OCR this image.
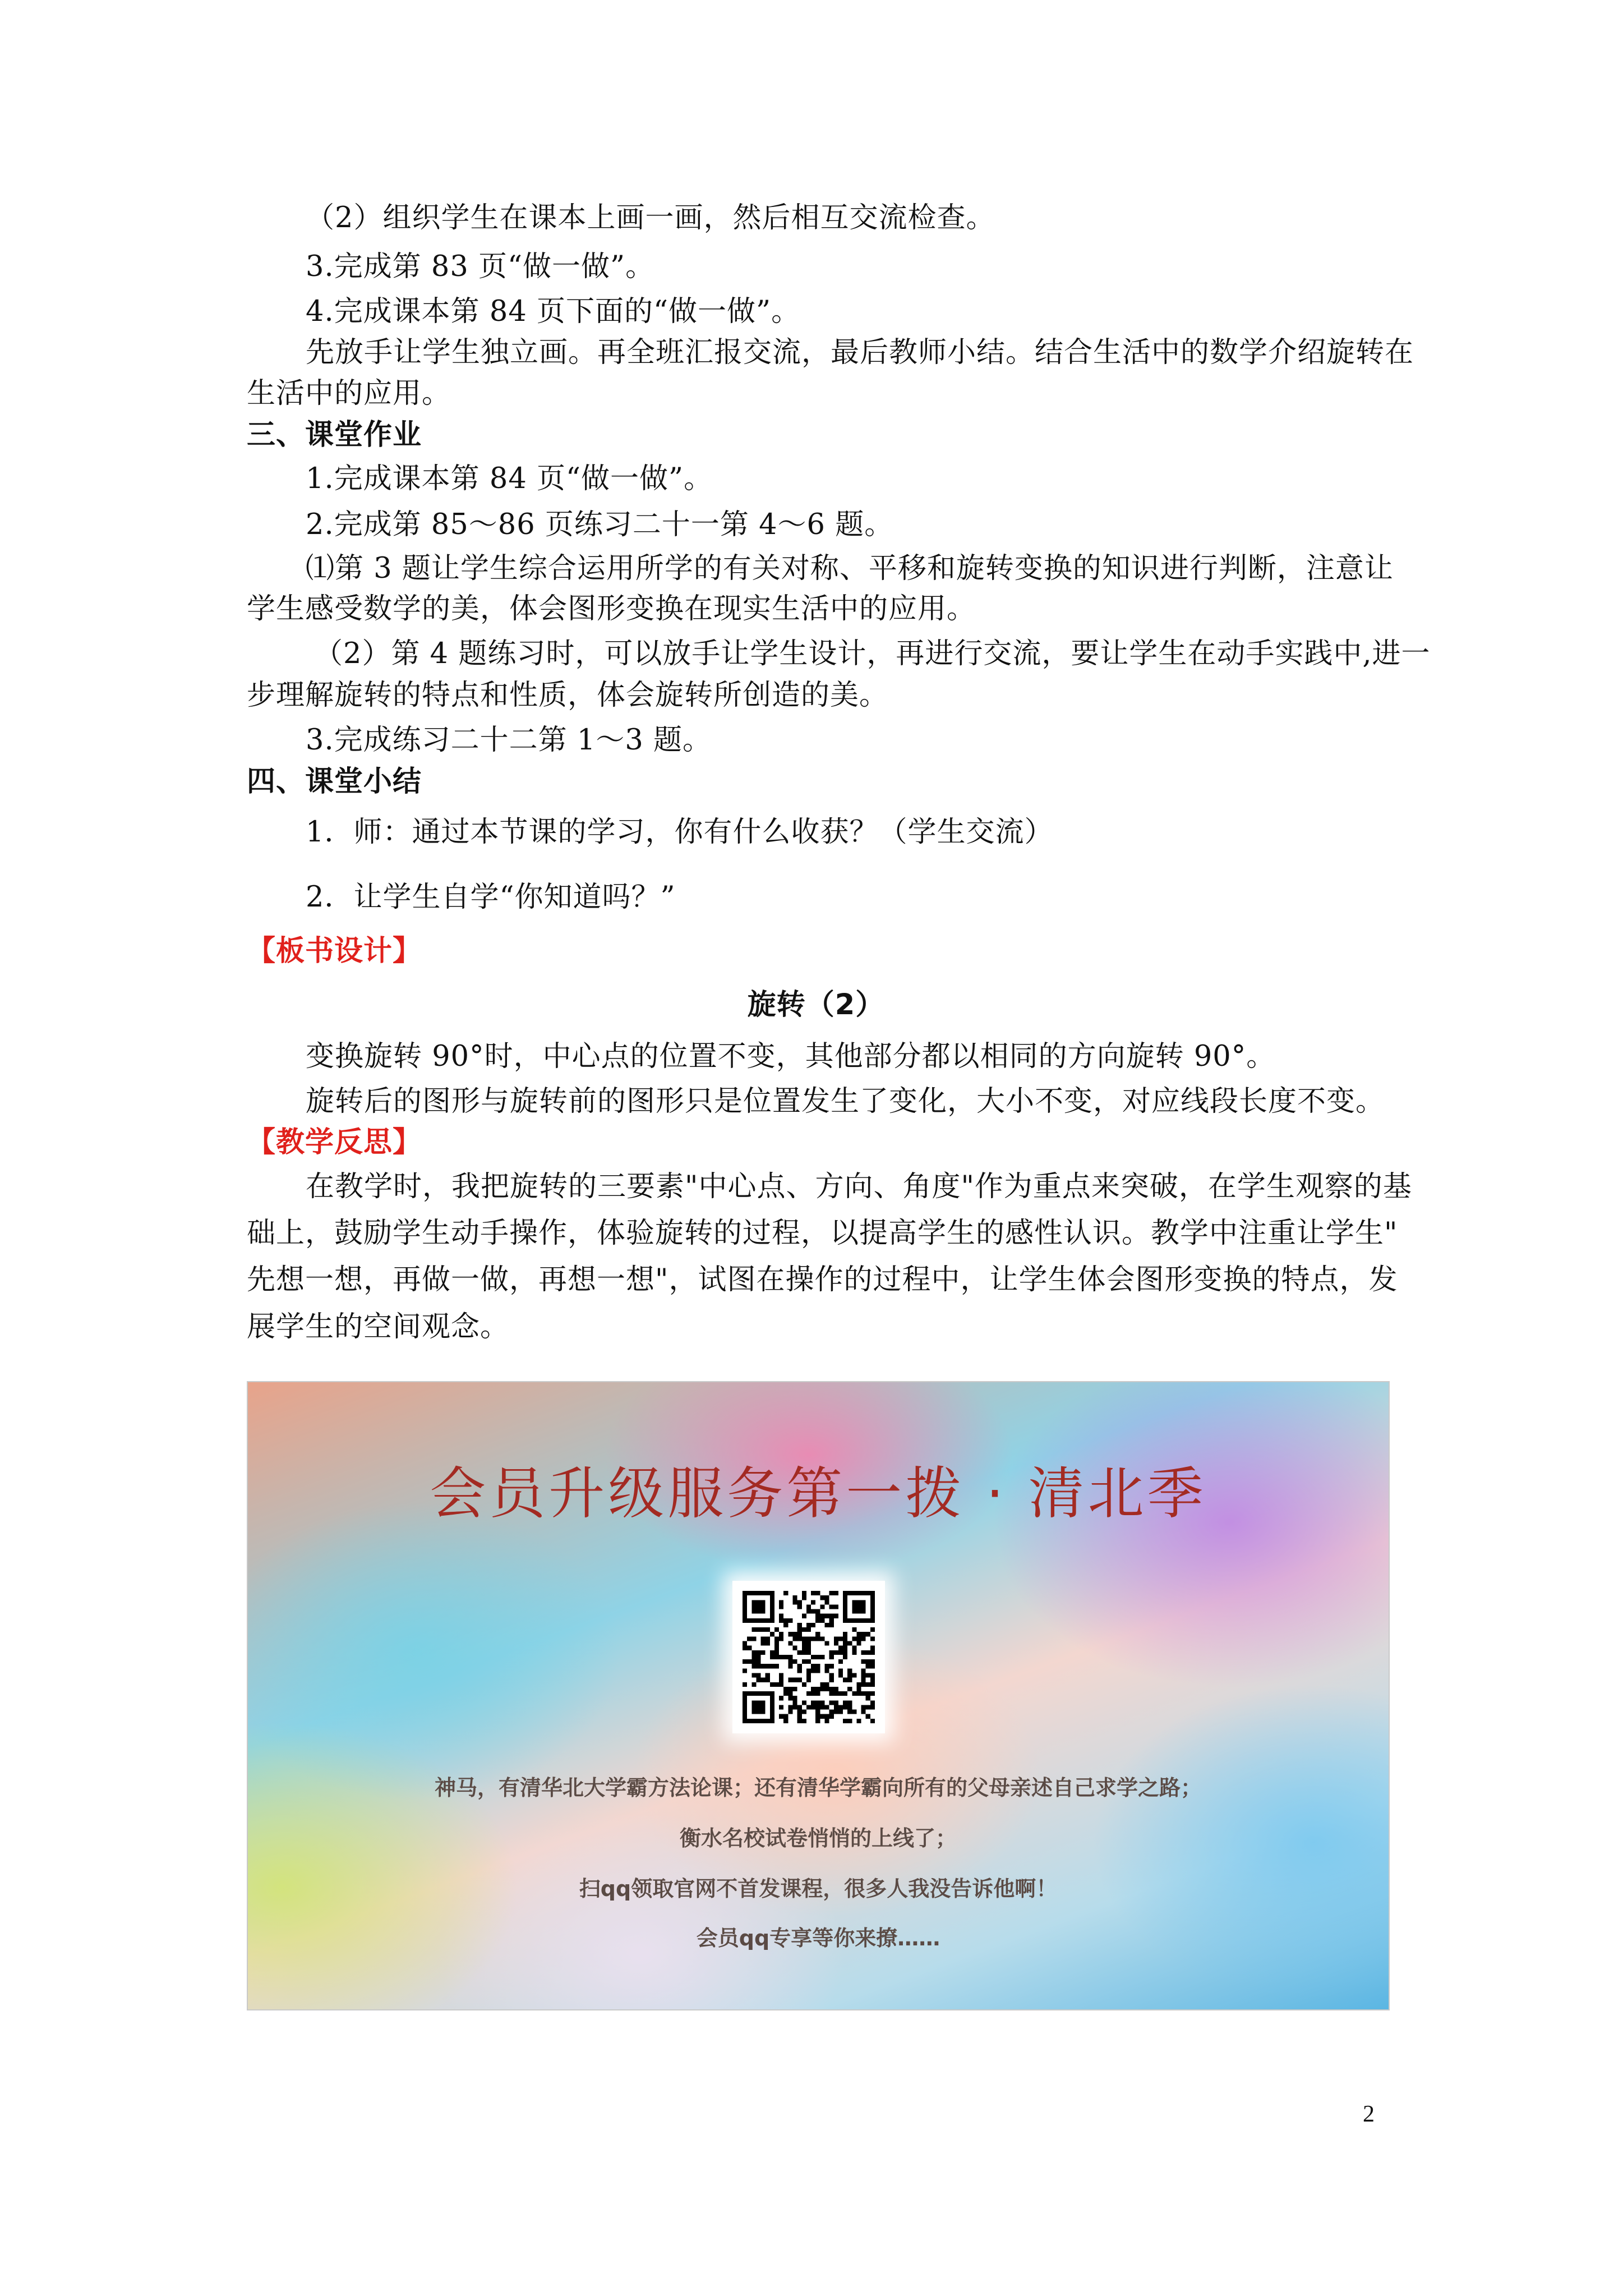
（2）组织学生在课本上画一画，然后相互交流检查。

3.完成第 83 页“做一做”。

4.完成课本第 84 页下面的“做一做”。

先放手让学生独立画。再全班汇报交流，最后教师小结。结合生活中的数学介绍旋转在

生活中的应用。

三、课堂作业

1.完成课本第 84 页“做一做”。

2.完成第 85～86 页练习二十一第 4～6 题。

⑴第 3 题让学生综合运用所学的有关对称、平移和旋转变换的知识进行判断，注意让

学生感受数学的美，体会图形变换在现实生活中的应用。

（2）第 4 题练习时，可以放手让学生设计，再进行交流，要让学生在动手实践中,进一

步理解旋转的特点和性质，体会旋转所创造的美。

3.完成练习二十二第 1～3 题。

四、课堂小结

1．师：通过本节课的学习，你有什么收获？（学生交流）

2．让学生自学“你知道吗？”

【板书设计】

旋转（2）

变换旋转 90°时，中心点的位置不变，其他部分都以相同的方向旋转 90°。

旋转后的图形与旋转前的图形只是位置发生了变化，大小不变，对应线段长度不变。

【教学反思】

在教学时，我把旋转的三要素"中心点、方向、角度"作为重点来突破，在学生观察的基

础上，鼓励学生动手操作，体验旋转的过程，以提高学生的感性认识。教学中注重让学生"

先想一想，再做一做，再想一想"，试图在操作的过程中，让学生体会图形变换的特点，发

展学生的空间观念。

会员升级服务第一拨 · 清北季

神马，有清华北大学霸方法论课；还有清华学霸向所有的父母亲述自己求学之路；

衡水名校试卷悄悄的上线了；

扫qq领取官网不首发课程，很多人我没告诉他啊！

会员qq专享等你来撩……

2
